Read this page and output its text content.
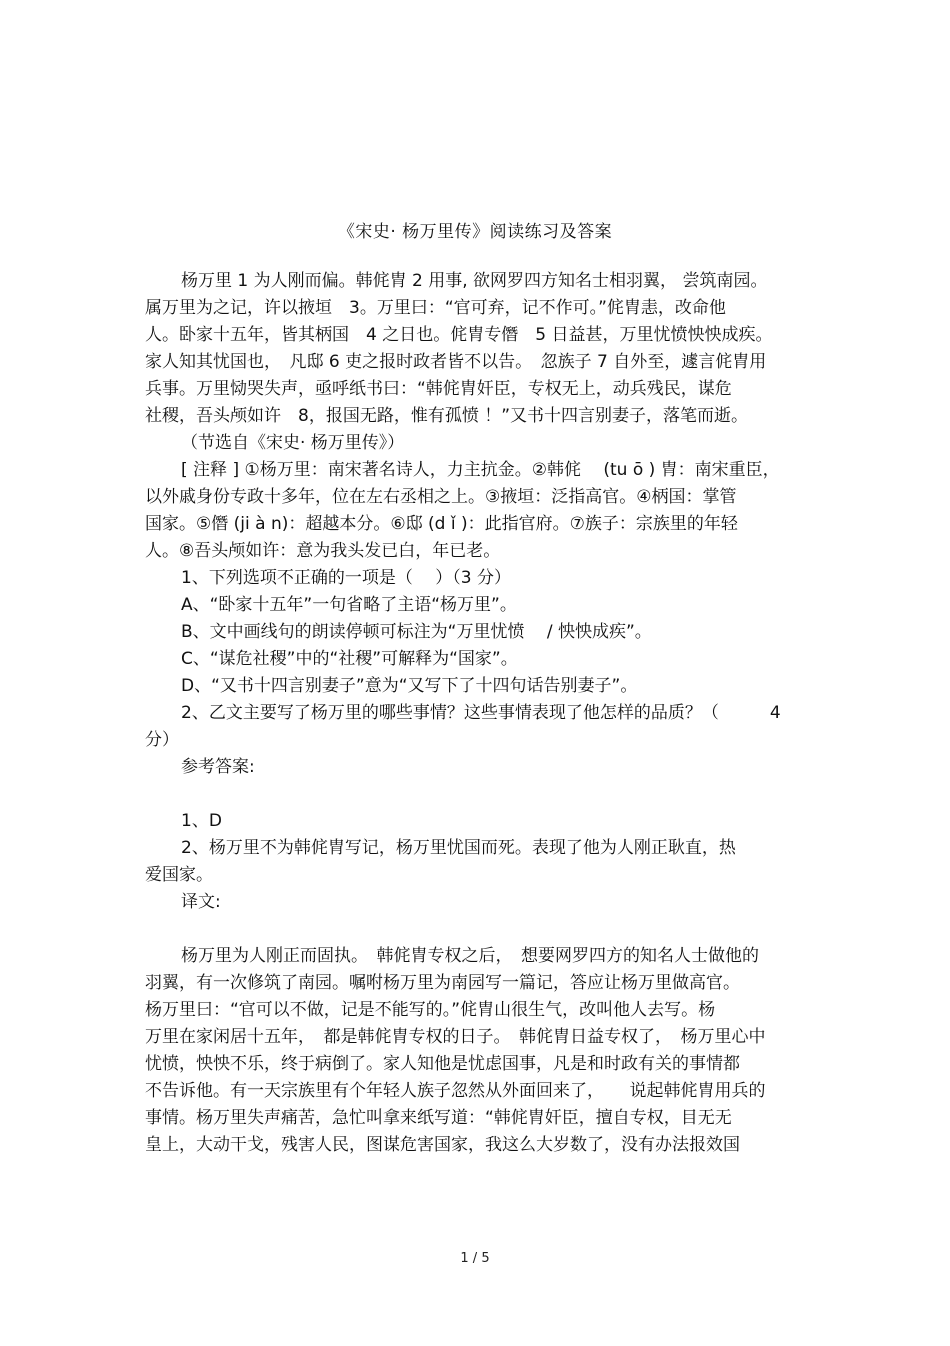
《宋史· 杨万里传》阅读练习及答案
杨万里 1 为人刚而偏。韩侂胄 2 用事, 欲网罗四方知名士相羽翼， 尝筑南园。
属万里为之记，许以掖垣　3。万里曰：“官可弃，记不作可。”侂胄恚，改命他
人。卧家十五年，皆其柄国　4 之日也。侂胄专僭　5 日益甚，万里忧愤怏怏成疾。
家人知其忧国也，　凡邸 6 吏之报时政者皆不以告。　忽族子 7 自外至，遽言侂胄用
兵事。万里恸哭失声，亟呼纸书曰：“韩侂胄奸臣，专权无上，动兵残民，谋危
社稷，吾头颅如许　8，报国无路，惟有孤愤 ！”又书十四言别妻子，落笔而逝。
（节选自《宋史· 杨万里传》）
[ 注释 ] ①杨万里：南宋著名诗人，力主抗金。②韩侂　 (tu ō ) 胄：南宋重臣，
以外戚身份专政十多年，位在左右丞相之上。③掖垣：泛指高官。④柄国：掌管
国家。⑤僭 (ji à n)：超越本分。⑥邸 (d ǐ )：此指官府。⑦族子：宗族里的年轻
人。⑧吾头颅如许：意为我头发已白，年已老。
1、下列选项不正确的一项是（　 ）（3 分）
A、“卧家十五年”一句省略了主语“杨万里”。
B、文中画线句的朗读停顿可标注为“万里忧愤　 / 怏怏成疾”。
C、“谋危社稷”中的“社稷”可解释为“国家”。
D、“又书十四言别妻子”意为“又写下了十四句话告别妻子”。
2、乙文主要写了杨万里的哪些事情？这些事情表现了他怎样的品质？（　　　4
分）
参考答案:
1、D
2、杨万里不为韩侂胄写记，杨万里忧国而死。表现了他为人刚正耿直，热
爱国家。
译文:
杨万里为人刚正而固执。　韩侂胄专权之后，　想要网罗四方的知名人士做他的
羽翼，有一次修筑了南园。嘱咐杨万里为南园写一篇记，答应让杨万里做高官。
杨万里曰：“官可以不做，记是不能写的。”侂胄山很生气，改叫他人去写。杨
万里在家闲居十五年，　都是韩侂胄专权的日子。　韩侂胄日益专权了，　杨万里心中
忧愤，怏怏不乐，终于病倒了。家人知他是忧虑国事，凡是和时政有关的事情都
不告诉他。有一天宗族里有个年轻人族子忽然从外面回来了，　　说起韩侂胄用兵的
事情。杨万里失声痛苦，急忙叫拿来纸写道：“韩侂胄奸臣，擅自专权，目无无
皇上，大动干戈，残害人民，图谋危害国家，我这么大岁数了，没有办法报效国
1 / 5
